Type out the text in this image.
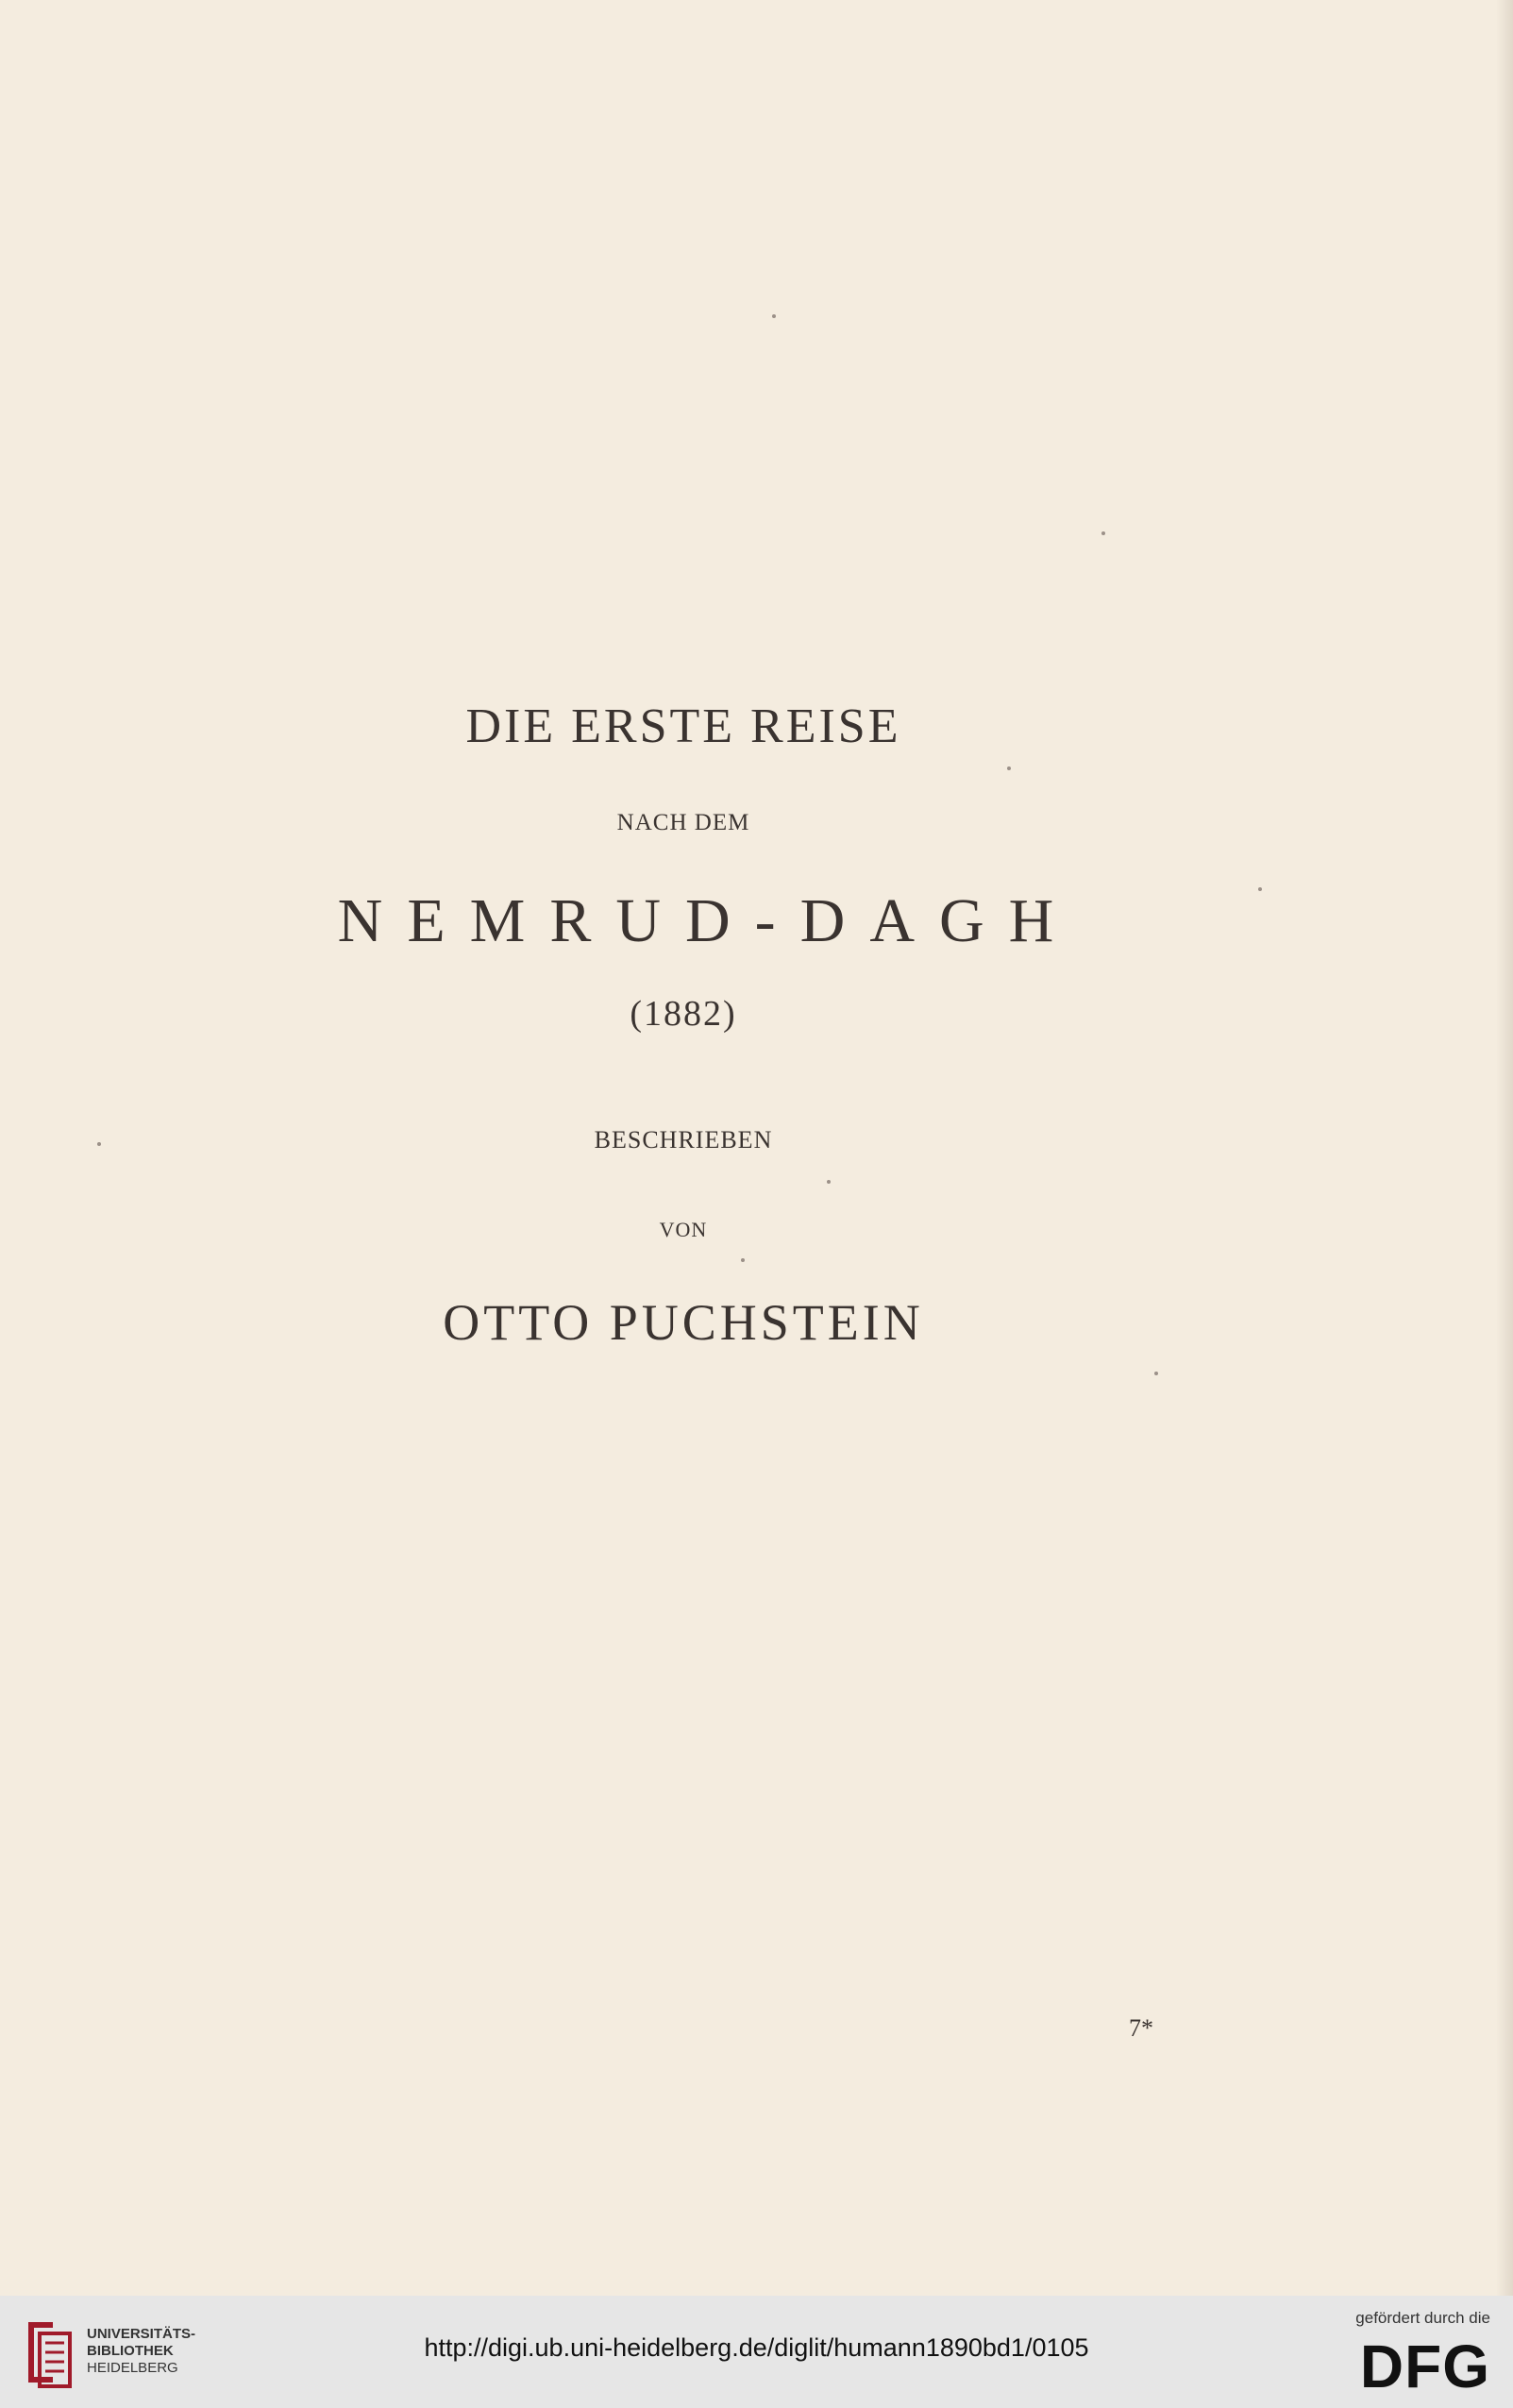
DIE ERSTE REISE
NACH DEM
NEMRUD-DAGH
(1882)
BESCHRIEBEN
VON
OTTO PUCHSTEIN
7*
UNIVERSITÄTS-
BIBLIOTHEK
HEIDELBERG
http://digi.ub.uni-heidelberg.de/diglit/humann1890bd1/0105
gefördert durch die
DFG
